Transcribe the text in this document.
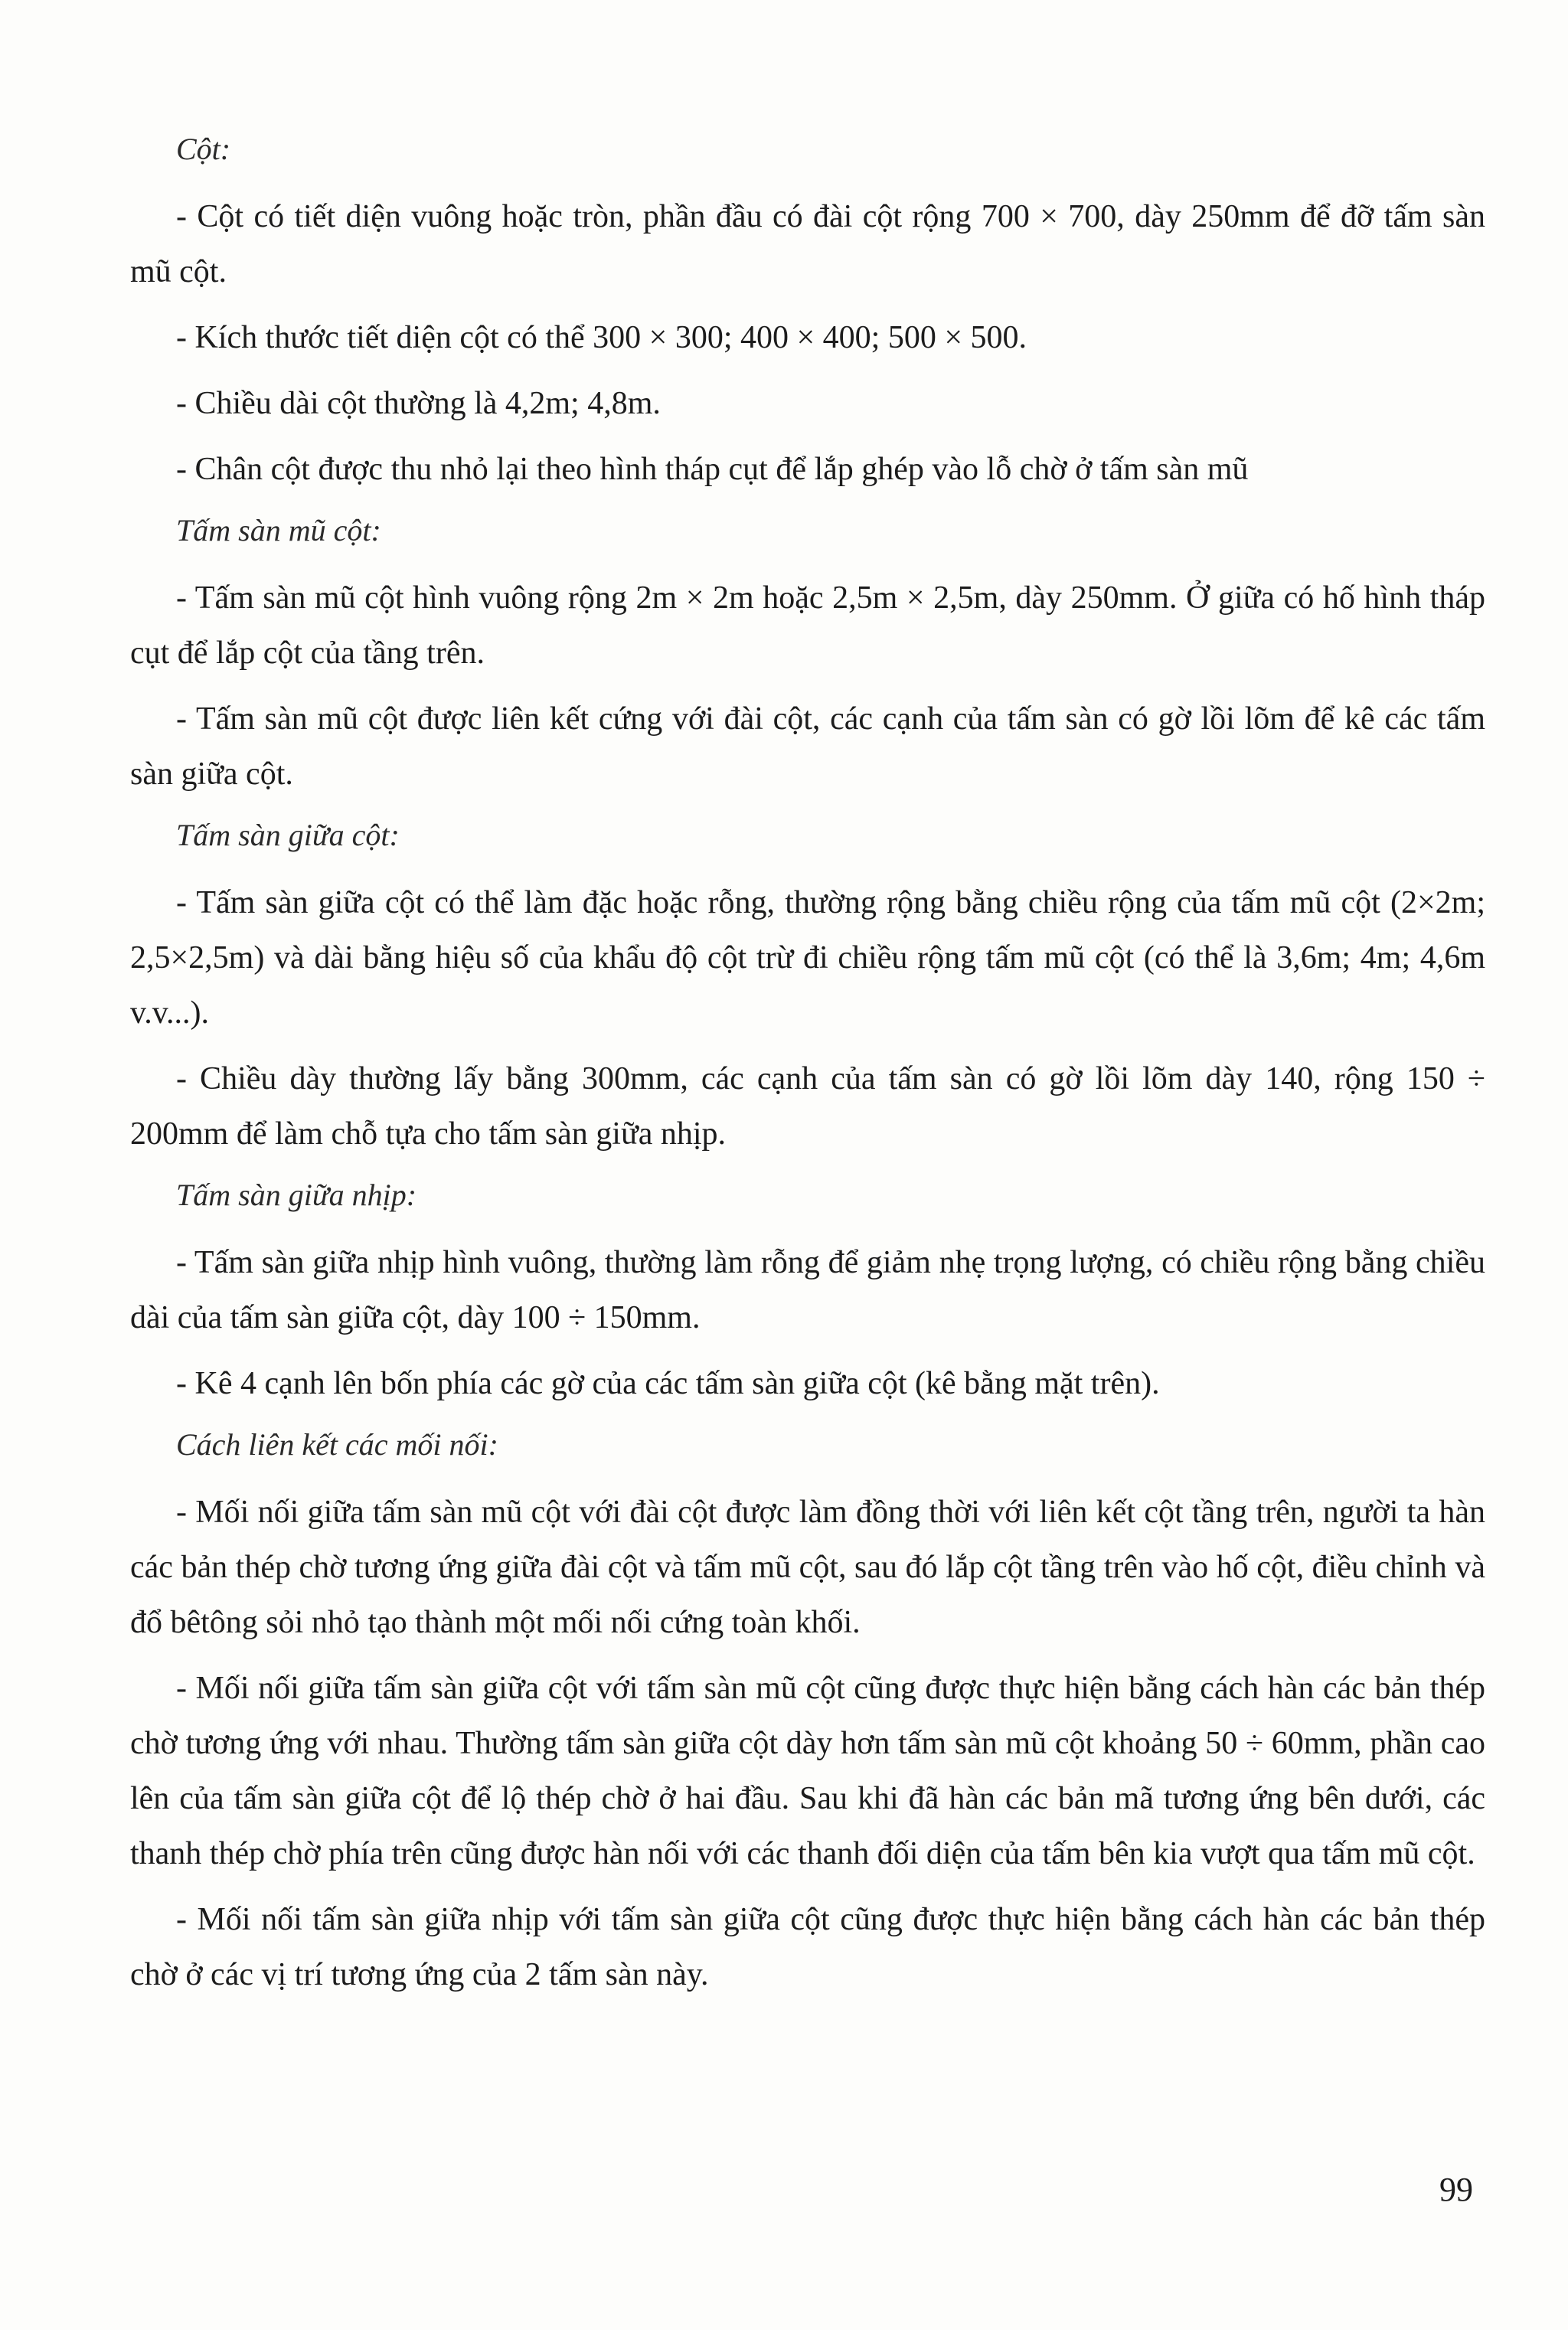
Cột:

- Cột có tiết diện vuông hoặc tròn, phần đầu có đài cột rộng 700 × 700, dày 250mm để đỡ tấm sàn mũ cột.

- Kích thước tiết diện cột có thể 300 × 300; 400 × 400; 500 × 500.

- Chiều dài cột thường là 4,2m; 4,8m.

- Chân cột được thu nhỏ lại theo hình tháp cụt để lắp ghép vào lỗ chờ ở tấm sàn mũ

Tấm sàn mũ cột:

- Tấm sàn mũ cột hình vuông rộng 2m × 2m hoặc 2,5m × 2,5m, dày 250mm. Ở giữa có hố hình tháp cụt để lắp cột của tầng trên.

- Tấm sàn mũ cột được liên kết cứng với đài cột, các cạnh của tấm sàn có gờ lồi lõm để kê các tấm sàn giữa cột.

Tấm sàn giữa cột:

- Tấm sàn giữa cột có thể làm đặc hoặc rỗng, thường rộng bằng chiều rộng của tấm mũ cột (2×2m; 2,5×2,5m) và dài bằng hiệu số của khẩu độ cột trừ đi chiều rộng tấm mũ cột (có thể là 3,6m; 4m; 4,6m v.v...).

- Chiều dày thường lấy bằng 300mm, các cạnh của tấm sàn có gờ lồi lõm dày 140, rộng 150 ÷ 200mm để làm chỗ tựa cho tấm sàn giữa nhịp.

Tấm sàn giữa nhịp:

- Tấm sàn giữa nhịp hình vuông, thường làm rỗng để giảm nhẹ trọng lượng, có chiều rộng bằng chiều dài của tấm sàn giữa cột, dày 100 ÷ 150mm.

- Kê 4 cạnh lên bốn phía các gờ của các tấm sàn giữa cột (kê bằng mặt trên).

Cách liên kết các mối nối:

- Mối nối giữa tấm sàn mũ cột với đài cột được làm đồng thời với liên kết cột tầng trên, người ta hàn các bản thép chờ tương ứng giữa đài cột và tấm mũ cột, sau đó lắp cột tầng trên vào hố cột, điều chỉnh và đổ bêtông sỏi nhỏ tạo thành một mối nối cứng toàn khối.

- Mối nối giữa tấm sàn giữa cột với tấm sàn mũ cột cũng được thực hiện bằng cách hàn các bản thép chờ tương ứng với nhau. Thường tấm sàn giữa cột dày hơn tấm sàn mũ cột khoảng 50 ÷ 60mm, phần cao lên của tấm sàn giữa cột để lộ thép chờ ở hai đầu. Sau khi đã hàn các bản mã tương ứng bên dưới, các thanh thép chờ phía trên cũng được hàn nối với các thanh đối diện của tấm bên kia vượt qua tấm mũ cột.

- Mối nối tấm sàn giữa nhịp với tấm sàn giữa cột cũng được thực hiện bằng cách hàn các bản thép chờ ở các vị trí tương ứng của 2 tấm sàn này.

99
